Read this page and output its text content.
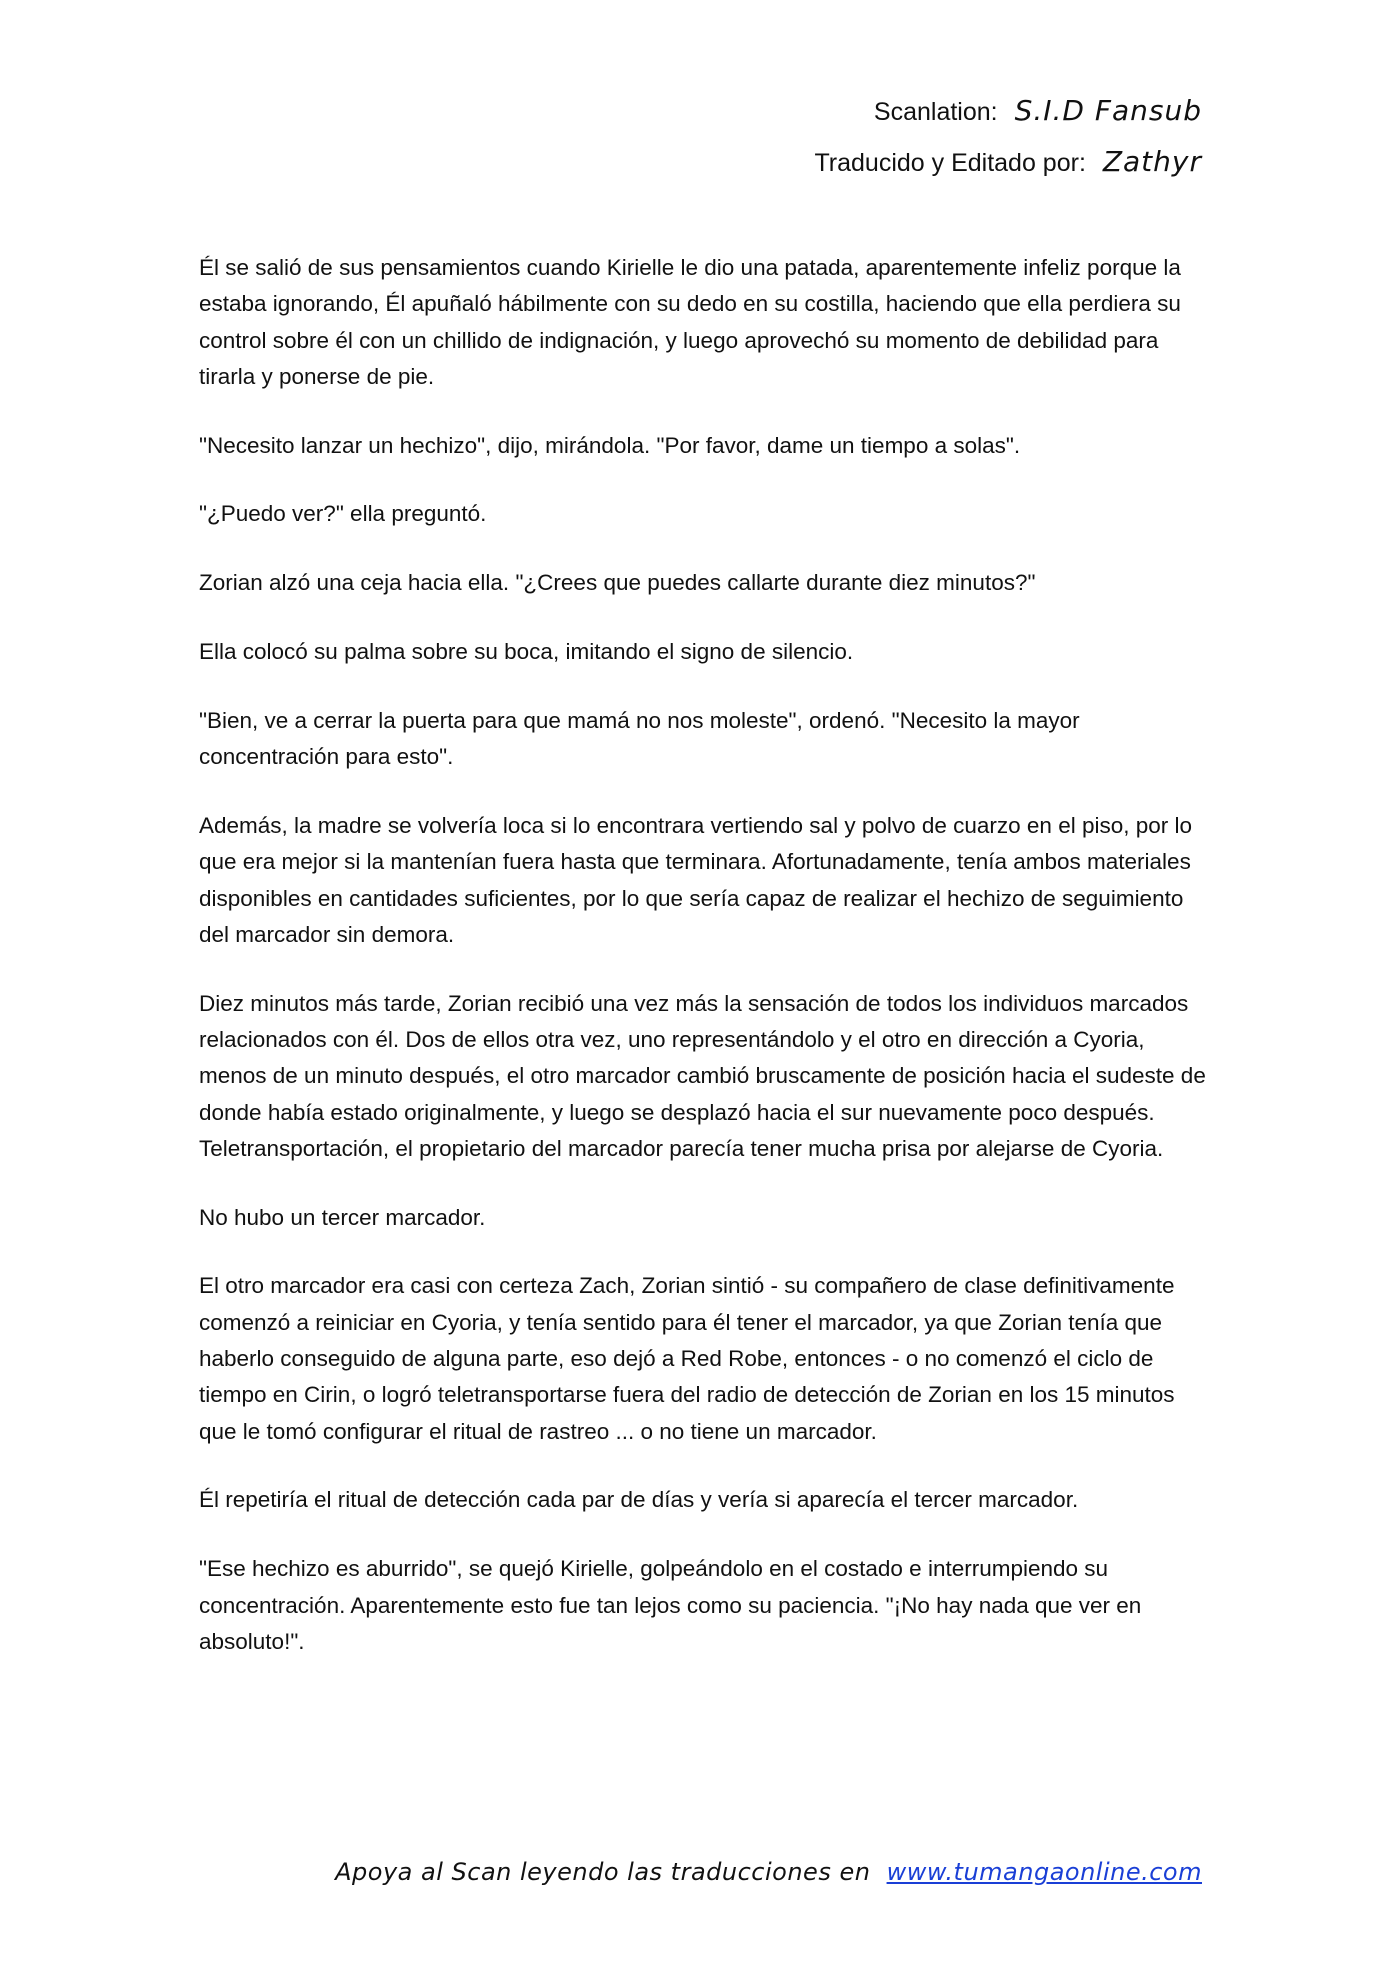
Scanlation: S.I.D Fansub
Traducido y Editado por: Zathyr

Él se salió de sus pensamientos cuando Kirielle le dio una patada, aparentemente infeliz porque la estaba ignorando, Él apuñaló hábilmente con su dedo en su costilla, haciendo que ella perdiera su control sobre él con un chillido de indignación, y luego aprovechó su momento de debilidad para tirarla y ponerse de pie.

"Necesito lanzar un hechizo", dijo, mirándola. "Por favor, dame un tiempo a solas".

"¿Puedo ver?" ella preguntó.

Zorian alzó una ceja hacia ella. "¿Crees que puedes callarte durante diez minutos?"

Ella colocó su palma sobre su boca, imitando el signo de silencio.

"Bien, ve a cerrar la puerta para que mamá no nos moleste", ordenó. "Necesito la mayor concentración para esto".

Además, la madre se volvería loca si lo encontrara vertiendo sal y polvo de cuarzo en el piso, por lo que era mejor si la mantenían fuera hasta que terminara. Afortunadamente, tenía ambos materiales disponibles en cantidades suficientes, por lo que sería capaz de realizar el hechizo de seguimiento del marcador sin demora.

Diez minutos más tarde, Zorian recibió una vez más la sensación de todos los individuos marcados relacionados con él. Dos de ellos otra vez, uno representándolo y el otro en dirección a Cyoria, menos de un minuto después, el otro marcador cambió bruscamente de posición hacia el sudeste de donde había estado originalmente, y luego se desplazó hacia el sur nuevamente poco después. Teletransportación, el propietario del marcador parecía tener mucha prisa por alejarse de Cyoria.

No hubo un tercer marcador.

El otro marcador era casi con certeza Zach, Zorian sintió - su compañero de clase definitivamente comenzó a reiniciar en Cyoria, y tenía sentido para él tener el marcador, ya que Zorian tenía que haberlo conseguido de alguna parte, eso dejó a Red Robe, entonces - o no comenzó el ciclo de tiempo en Cirin, o logró teletransportarse fuera del radio de detección de Zorian en los 15 minutos que le tomó configurar el ritual de rastreo ... o no tiene un marcador.

Él repetiría el ritual de detección cada par de días y vería si aparecía el tercer marcador.

"Ese hechizo es aburrido", se quejó Kirielle, golpeándolo en el costado e interrumpiendo su concentración. Aparentemente esto fue tan lejos como su paciencia. "¡No hay nada que ver en absoluto!".

Apoya al Scan leyendo las traducciones en www.tumangaonline.com
